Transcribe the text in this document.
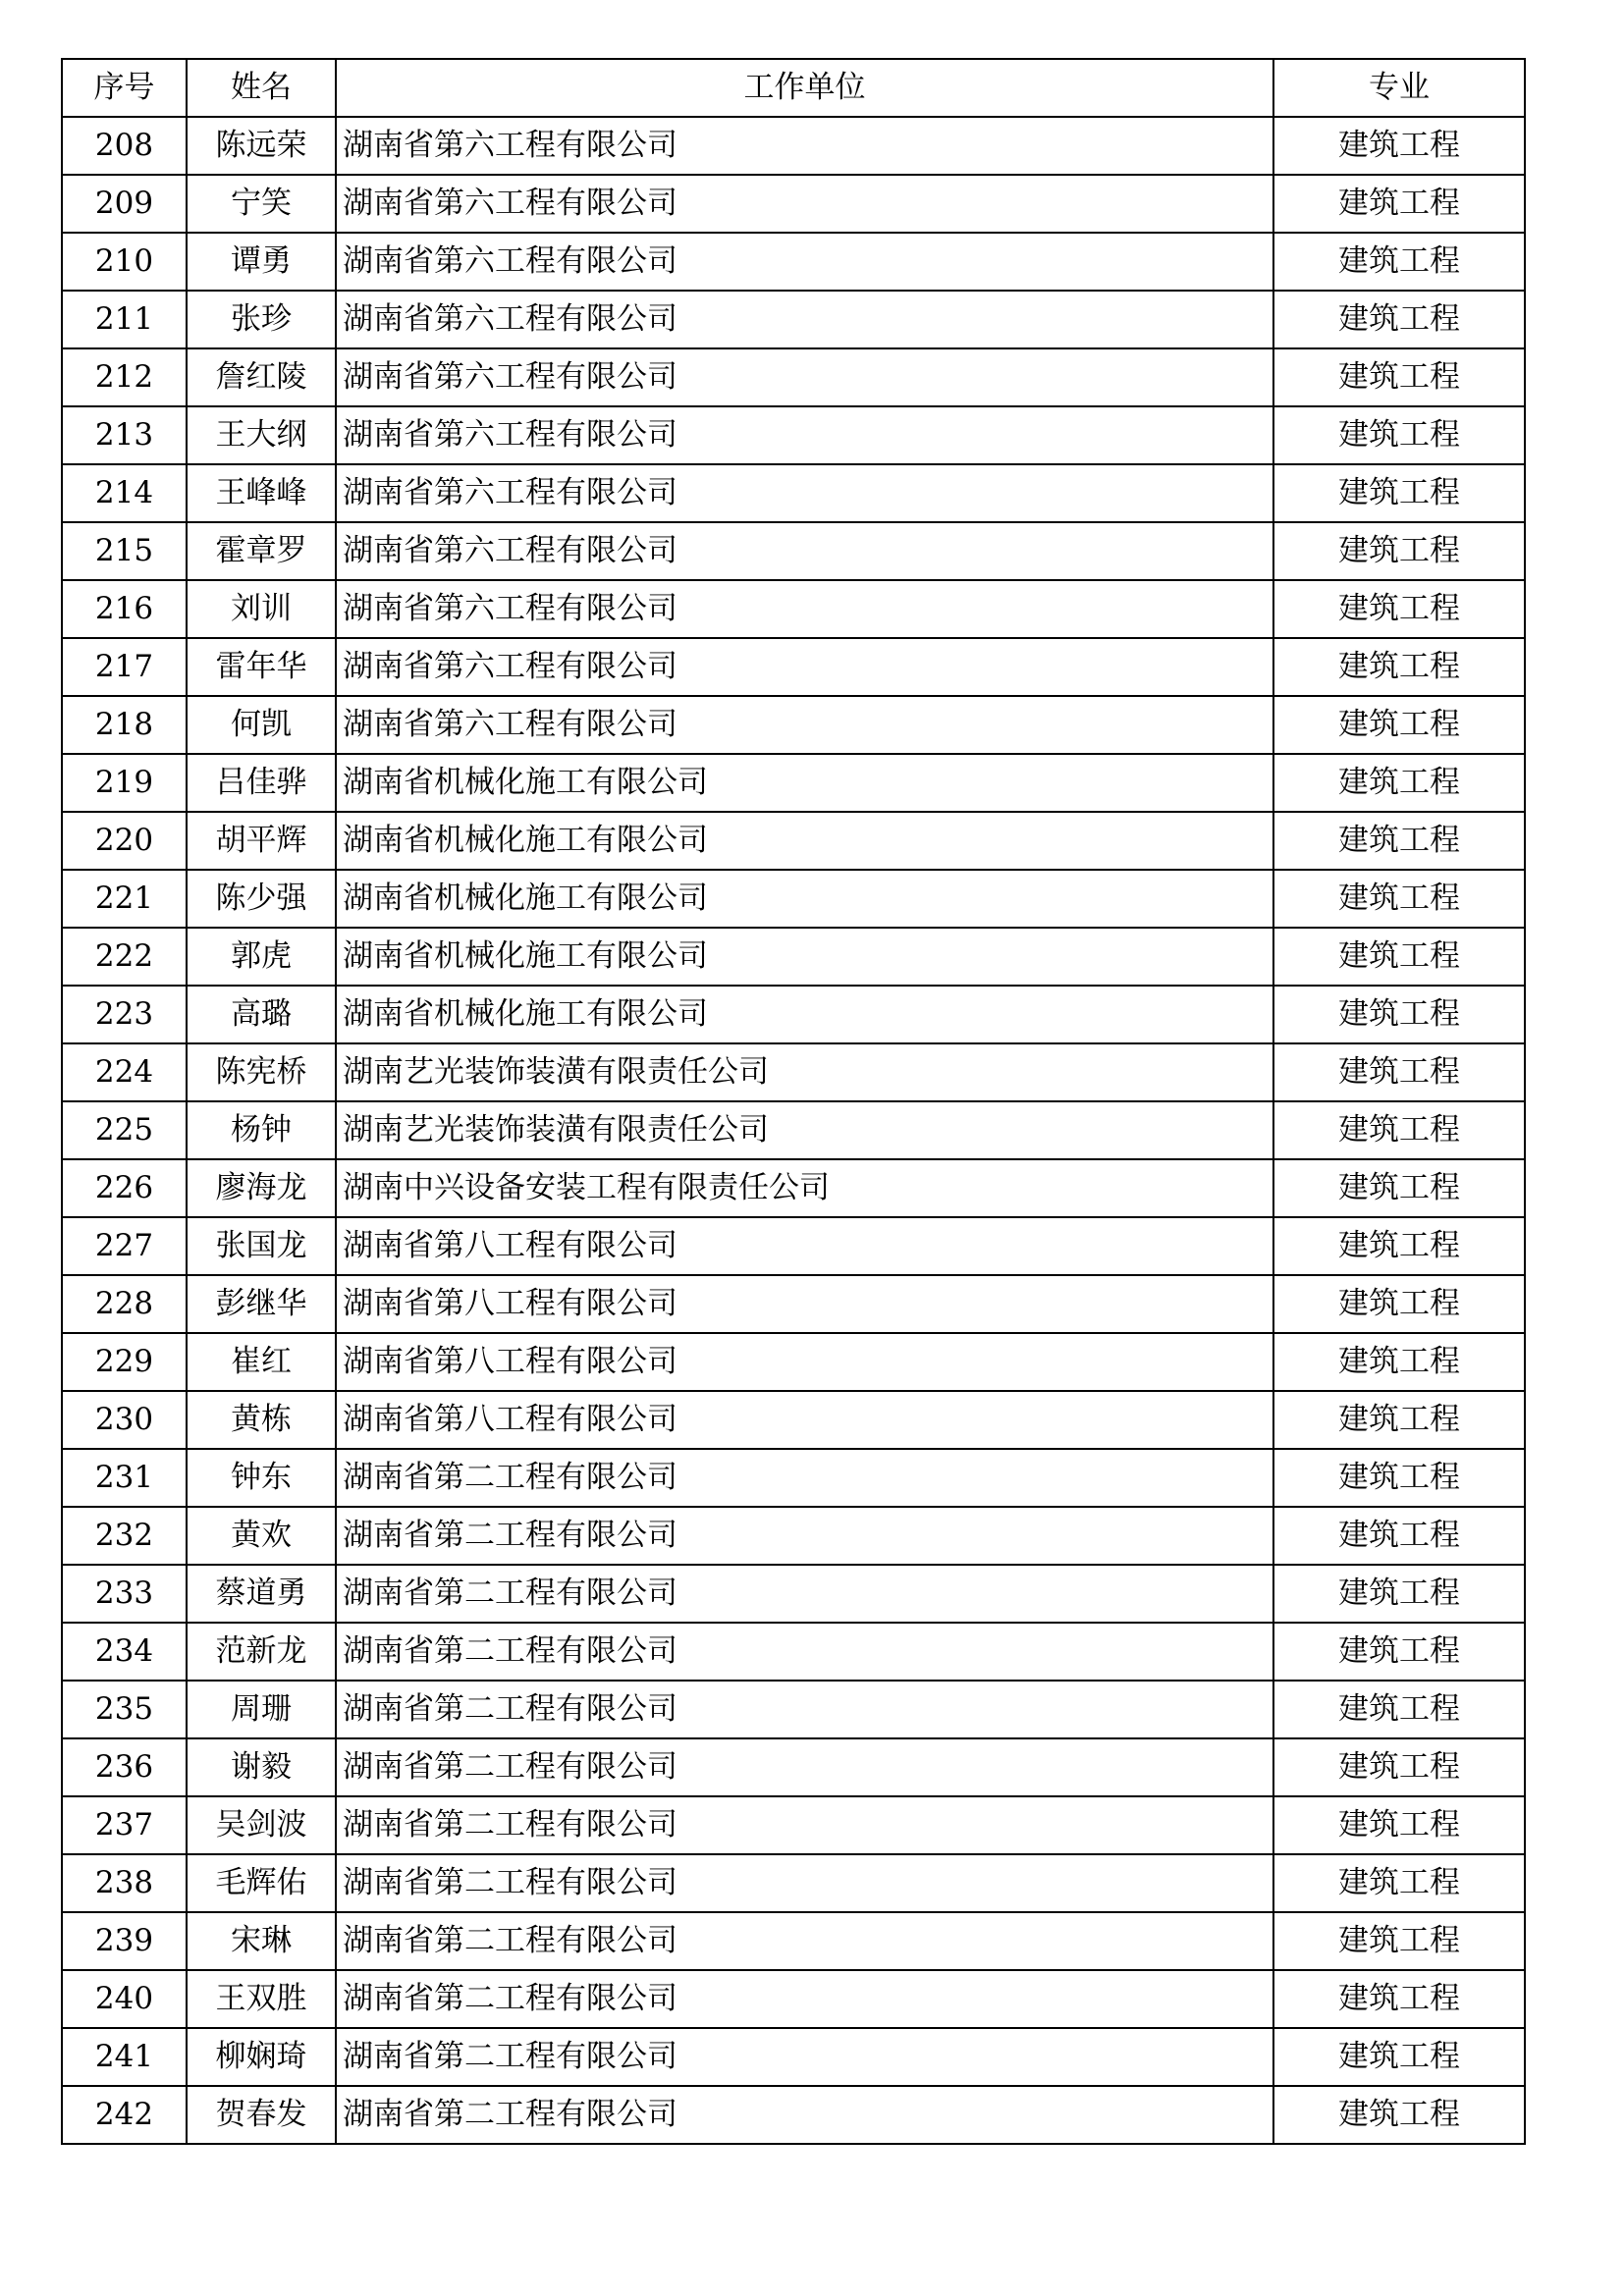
序号	姓名	工作单位	专业
208	陈远荣	湖南省第六工程有限公司	建筑工程
209	宁笑	湖南省第六工程有限公司	建筑工程
210	谭勇	湖南省第六工程有限公司	建筑工程
211	张珍	湖南省第六工程有限公司	建筑工程
212	詹红陵	湖南省第六工程有限公司	建筑工程
213	王大纲	湖南省第六工程有限公司	建筑工程
214	王峰峰	湖南省第六工程有限公司	建筑工程
215	霍章罗	湖南省第六工程有限公司	建筑工程
216	刘训	湖南省第六工程有限公司	建筑工程
217	雷年华	湖南省第六工程有限公司	建筑工程
218	何凯	湖南省第六工程有限公司	建筑工程
219	吕佳骅	湖南省机械化施工有限公司	建筑工程
220	胡平辉	湖南省机械化施工有限公司	建筑工程
221	陈少强	湖南省机械化施工有限公司	建筑工程
222	郭虎	湖南省机械化施工有限公司	建筑工程
223	高璐	湖南省机械化施工有限公司	建筑工程
224	陈宪桥	湖南艺光装饰装潢有限责任公司	建筑工程
225	杨钟	湖南艺光装饰装潢有限责任公司	建筑工程
226	廖海龙	湖南中兴设备安装工程有限责任公司	建筑工程
227	张国龙	湖南省第八工程有限公司	建筑工程
228	彭继华	湖南省第八工程有限公司	建筑工程
229	崔红	湖南省第八工程有限公司	建筑工程
230	黄栋	湖南省第八工程有限公司	建筑工程
231	钟东	湖南省第二工程有限公司	建筑工程
232	黄欢	湖南省第二工程有限公司	建筑工程
233	蔡道勇	湖南省第二工程有限公司	建筑工程
234	范新龙	湖南省第二工程有限公司	建筑工程
235	周珊	湖南省第二工程有限公司	建筑工程
236	谢毅	湖南省第二工程有限公司	建筑工程
237	吴剑波	湖南省第二工程有限公司	建筑工程
238	毛辉佑	湖南省第二工程有限公司	建筑工程
239	宋琳	湖南省第二工程有限公司	建筑工程
240	王双胜	湖南省第二工程有限公司	建筑工程
241	柳娴琦	湖南省第二工程有限公司	建筑工程
242	贺春发	湖南省第二工程有限公司	建筑工程
